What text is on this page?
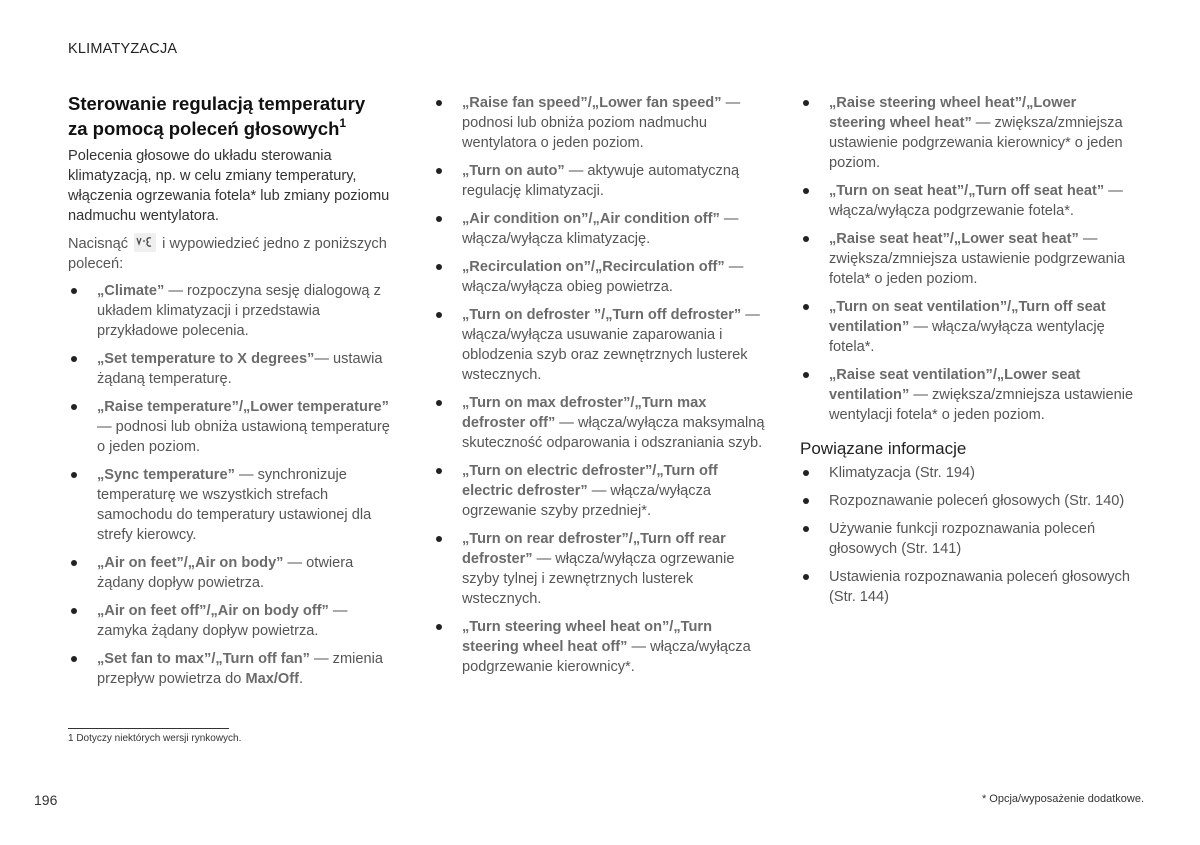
KLIMATYZACJA
Sterowanie regulacją temperatury
za pomocą poleceń głosowych$^1$

Polecenia głosowe do układu sterowania klimatyzacją, np. w celu zmiany temperatury, włączenia ogrzewania fotela* lub zmiany poziomu nadmuchu wentylatora.

Nacisnąć i wypowiedzieć jedno z poniższych poleceń:

„Climate” — rozpoczyna sesję dialogową z układem klimatyzacji i przedstawia przykładowe polecenia.
„Set temperature to X degrees”— ustawia żądaną temperaturę.
„Raise temperature”/„Lower temperature” — podnosi lub obniża ustawioną temperaturę o jeden poziom.
„Sync temperature” — synchronizuje temperaturę we wszystkich strefach samochodu do temperatury ustawionej dla strefy kierowcy.
„Air on feet”/„Air on body” — otwiera żądany dopływ powietrza.
„Air on feet off”/„Air on body off” — zamyka żądany dopływ powietrza.
„Set fan to max”/„Turn off fan” — zmienia przepływ powietrza do Max/Off.
„Raise fan speed”/„Lower fan speed” — podnosi lub obniża poziom nadmuchu wentylatora o jeden poziom.
„Turn on auto” — aktywuje automatyczną regulację klimatyzacji.
„Air condition on”/„Air condition off” — włącza/wyłącza klimatyzację.
„Recirculation on”/„Recirculation off” — włącza/wyłącza obieg powietrza.
„Turn on defroster ”/„Turn off defroster” — włącza/wyłącza usuwanie zaparowania i oblodzenia szyb oraz zewnętrznych lusterek wstecznych.
„Turn on max defroster”/„Turn max defroster off” — włącza/wyłącza maksymalną skuteczność odparowania i odszraniania szyb.
„Turn on electric defroster”/„Turn off electric defroster” — włącza/wyłącza ogrzewanie szyby przedniej*.
„Turn on rear defroster”/„Turn off rear defroster” — włącza/wyłącza ogrzewanie szyby tylnej i zewnętrznych lusterek wstecznych.
„Turn steering wheel heat on”/„Turn steering wheel heat off” — włącza/wyłącza podgrzewanie kierownicy*.
„Raise steering wheel heat”/„Lower steering wheel heat” — zwiększa/zmniejsza ustawienie podgrzewania kierownicy* o jeden poziom.
„Turn on seat heat”/„Turn off seat heat” — włącza/wyłącza podgrzewanie fotela*.
„Raise seat heat”/„Lower seat heat” — zwiększa/zmniejsza ustawienie podgrzewania fotela* o jeden poziom.
„Turn on seat ventilation”/„Turn off seat ventilation” — włącza/wyłącza wentylację fotela*.
„Raise seat ventilation”/„Lower seat ventilation” — zwiększa/zmniejsza ustawienie wentylacji fotela* o jeden poziom.
Powiązane informacje
Klimatyzacja (Str. 194)
Rozpoznawanie poleceń głosowych (Str. 140)
Używanie funkcji rozpoznawania poleceń głosowych (Str. 141)
Ustawienia rozpoznawania poleceń głosowych (Str. 144)
1 Dotyczy niektórych wersji rynkowych.
196	* Opcja/wyposażenie dodatkowe.
